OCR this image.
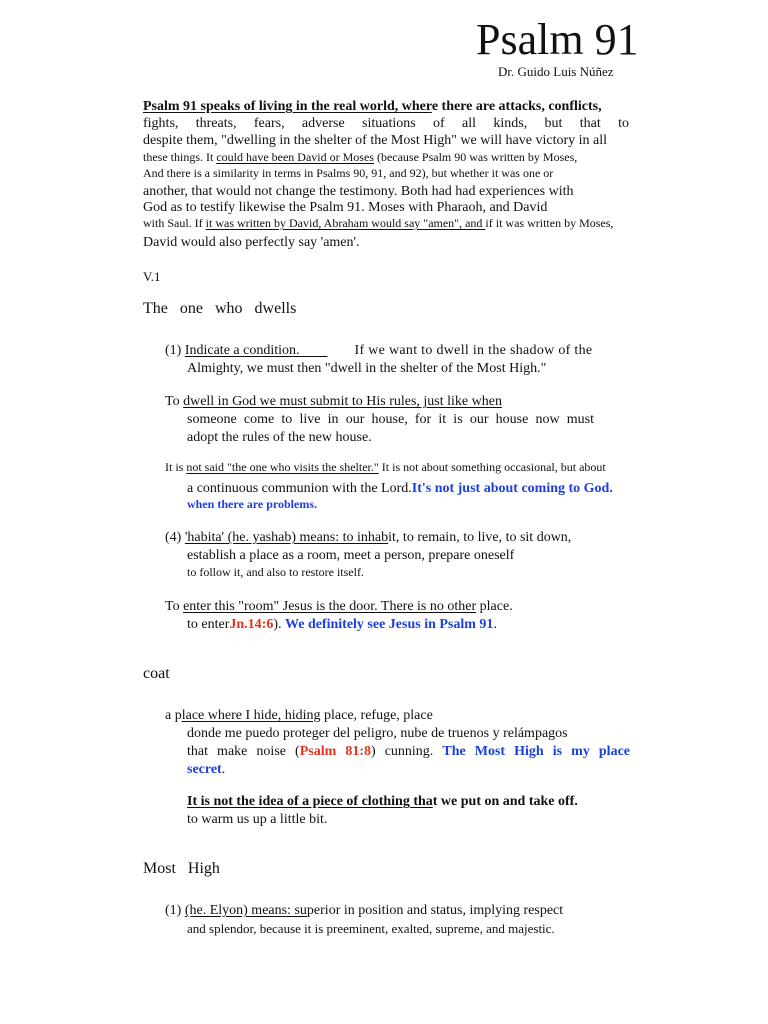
Psalm 91
Dr. Guido Luis Núñez
Psalm 91 speaks of living in the real world, where there are attacks, conflicts,
fights, threats, fears, adverse situations of all kinds, but that to
despite them, "dwelling in the shelter of the Most High" we will have victory in all
these things. It could have been David or Moses (because Psalm 90 was written by Moses,
And there is a similarity in terms in Psalms 90, 91, and 92), but whether it was one or
another, that would not change the testimony. Both had had experiences with
God as to testify likewise the Psalm 91. Moses with Pharaoh, and David
with Saul. If it was written by David, Abraham would say "amen", and if it was written by Moses,
David would also perfectly say 'amen'.
V.1
The   one   who   dwells
(1) Indicate a condition.	If we want to dwell in the shadow of the
Almighty, we must then "dwell in the shelter of the Most High."
To dwell in God we must submit to His rules, just like when
someone come to live in our house, for it is our house now must
adopt the rules of the new house.
It is not said "the one who visits the shelter." It is not about something occasional, but about
a continuous communion with the Lord.It's not just about coming to God.
when there are problems.
(4) 'habita' (he. yashab) means: to inhabit, to remain, to live, to sit down,
establish a place as a room, meet a person, prepare oneself
to follow it, and also to restore itself.
To enter this "room" Jesus is the door. There is no other place.
to enterJn.14:6). We definitely see Jesus in Psalm 91.
coat
a place where I hide, hiding place, refuge, place
donde me puedo proteger del peligro, nube de truenos y relámpagos
that make noise (Psalm 81:8) cunning. The Most High is my place
secret.
It is not the idea of a piece of clothing that we put on and take off.
to warm us up a little bit.
Most   High
(1) (he. Elyon) means: superior in position and status, implying respect
and splendor, because it is preeminent, exalted, supreme, and majestic.
